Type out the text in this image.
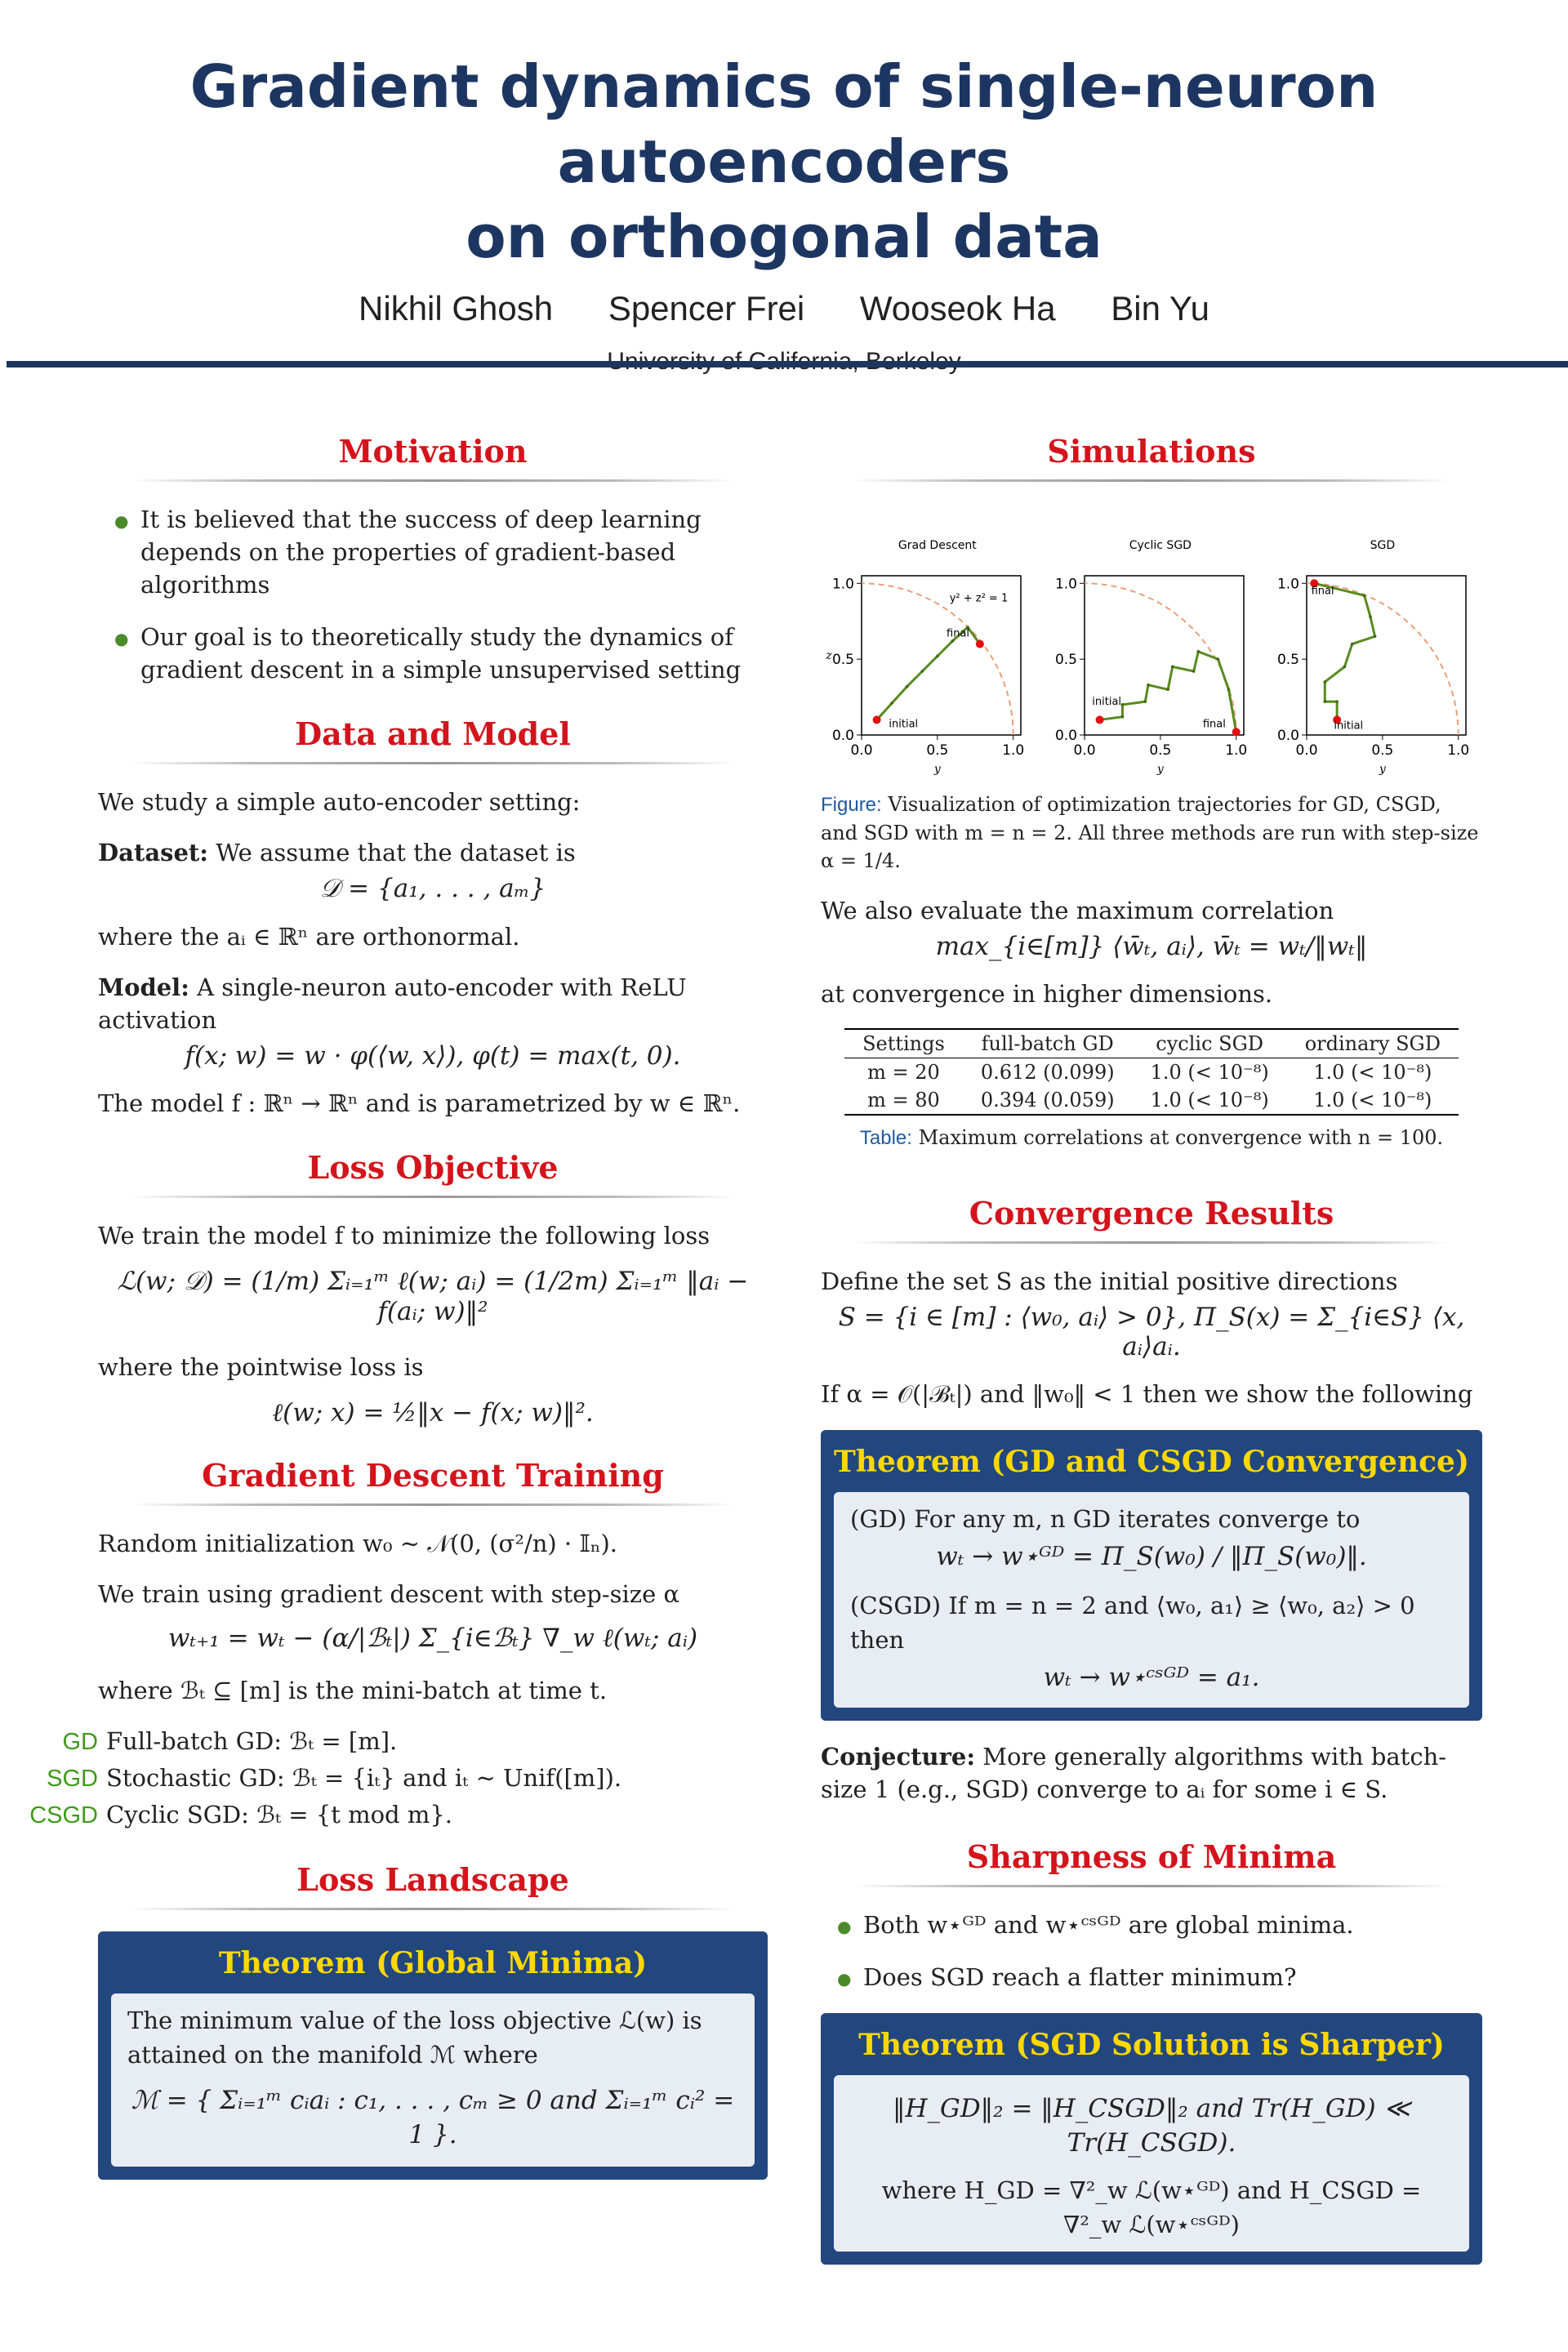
Gradient dynamics of single-neuron autoencoders
on orthogonal data
Nikhil Ghosh Spencer Frei Wooseok Ha Bin Yu
Motivation
● It is believed that the success of deep learning depends on the properties of gradient-based algorithms
● Our goal is to theoretically study the dynamics of gradient descent in a simple unsupervised setting
Data and Model

We study a simple auto-encoder setting:

Dataset: We assume that the dataset is

𝒟 = {a₁, . . . , aₘ}

where the aᵢ ∈ ℝⁿ are orthonormal.

Model: A single-neuron auto-encoder with ReLU activation

f(x; w) = w · φ(⟨w, x⟩), φ(t) = max(t, 0).

The model f : ℝⁿ → ℝⁿ and is parametrized by w ∈ ℝⁿ.

Loss Objective

We train the model f to minimize the following loss

ℒ(w; 𝒟) = (1/m) Σᵢ₌₁ᵐ ℓ(w; aᵢ) = (1/2m) Σᵢ₌₁ᵐ ‖aᵢ − f(aᵢ; w)‖²

where the pointwise loss is

ℓ(w; x) = ½‖x − f(x; w)‖².
Gradient Descent Training

Random initialization w₀ ∼ 𝒩(0, (σ²/n) · 𝕀ₙ).

We train using gradient descent with step-size α

wₜ₊₁ = wₜ − (α/|ℬₜ|) Σ_{i∈ℬₜ} ∇_w ℓ(wₜ; aᵢ)

where ℬₜ ⊆ [m] is the mini-batch at time t.

GD Full-batch GD: ℬₜ = [m].
SGD Stochastic GD: ℬₜ = {iₜ} and iₜ ∼ Unif([m]).
CSGD Cyclic SGD: ℬₜ = {t mod m}.
Loss Landscape
Theorem (Global Minima)
The minimum value of the loss objective ℒ(w) is attained on the manifold ℳ where
ℳ = { Σᵢ₌₁ᵐ cᵢaᵢ : c₁, . . . , cₘ ≥ 0 and Σᵢ₌₁ᵐ cᵢ² = 1 }.
Simulations
Grad Descent
y² + z² = 1
0.0
0.0
0.5
0.5
1.0
1.0
y
z
initial
final
Cyclic SGD
0.0
0.0
0.5
0.5
1.0
1.0
y
initial
final
SGD
0.0
0.0
0.5
0.5
1.0
1.0
y
initial
final
Figure: Visualization of optimization trajectories for GD, CSGD, and SGD with m = n = 2. All three methods are run with step-size α = 1/4.

We also evaluate the maximum correlation

max_{i∈[m]} ⟨w̄ₜ, aᵢ⟩, w̄ₜ = wₜ/‖wₜ‖

at convergence in higher dimensions.

Settings	full-batch GD	cyclic SGD	ordinary SGD
m = 20	0.612 (0.099)	1.0 (< 10⁻⁸)	1.0 (< 10⁻⁸)
m = 80	0.394 (0.059)	1.0 (< 10⁻⁸)	1.0 (< 10⁻⁸)
Table: Maximum correlations at convergence with n = 100.
Convergence Results

Define the set S as the initial positive directions

S = {i ∈ [m] : ⟨w₀, aᵢ⟩ > 0}, Π_S(x) = Σ_{i∈S} ⟨x, aᵢ⟩aᵢ.

If α = 𝒪(|ℬₜ|) and ‖w₀‖ < 1 then we show the following

Theorem (GD and CSGD Convergence)
(GD) For any m, n GD iterates converge to
wₜ → w⋆ᴳᴰ = Π_S(w₀) / ‖Π_S(w₀)‖.
(CSGD) If m = n = 2 and ⟨w₀, a₁⟩ ≥ ⟨w₀, a₂⟩ > 0 then
wₜ → w⋆ᶜˢᴳᴰ = a₁.

Conjecture: More generally algorithms with batch-size 1 (e.g., SGD) converge to aᵢ for some i ∈ S.

Sharpness of Minima
● Both w⋆ᴳᴰ and w⋆ᶜˢᴳᴰ are global minima.
● Does SGD reach a flatter minimum?
Theorem (SGD Solution is Sharper)
‖H_GD‖₂ = ‖H_CSGD‖₂ and Tr(H_GD) ≪ Tr(H_CSGD).
where H_GD = ∇²_w ℒ(w⋆ᴳᴰ) and H_CSGD = ∇²_w ℒ(w⋆ᶜˢᴳᴰ)
